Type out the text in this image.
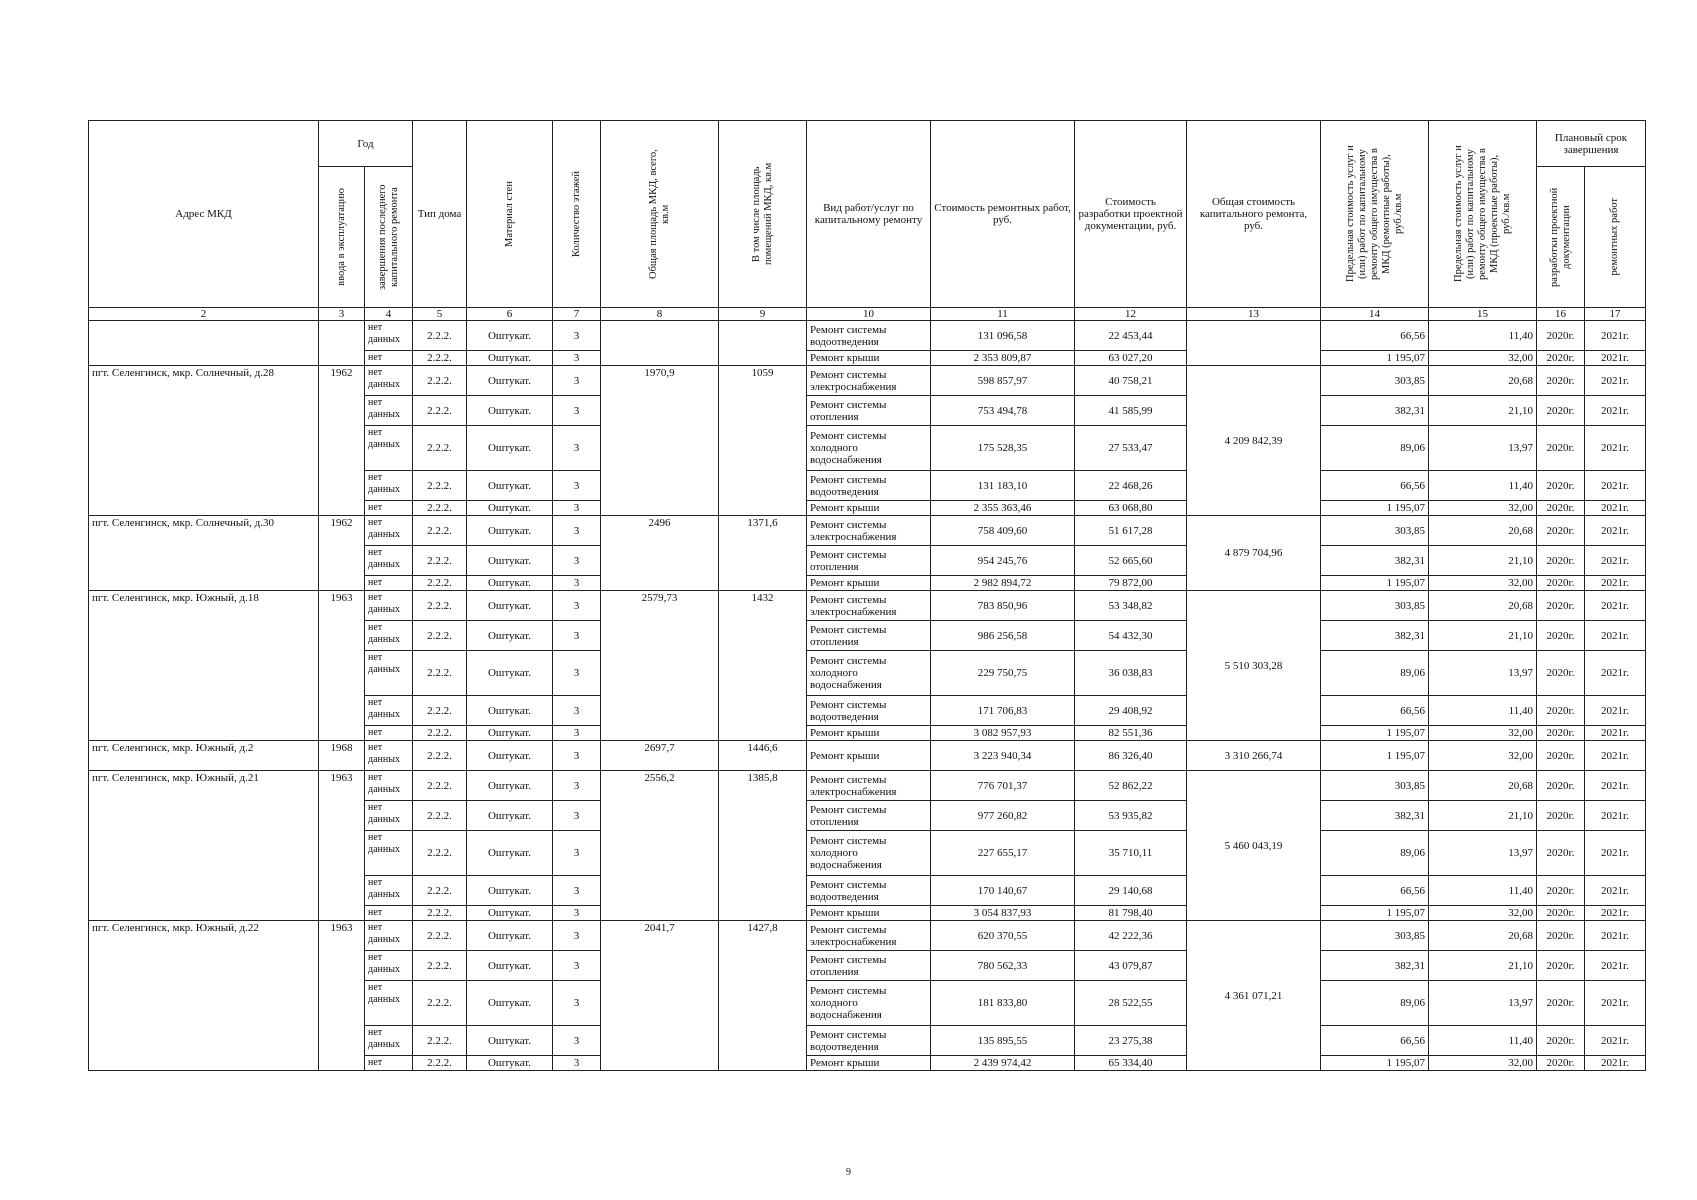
Адрес МКД	Год		Тип дома	Материал стен	Количество этажей	Общая площадь МКД, всего, кв.м	В том числе площадь помещений МКД, кв.м	Вид работ/услуг по капитальному ремонту	Стоимость ремонтных работ, руб.	Стоимость разработки проектной документации, руб.	Общая стоимость капитального ремонта, руб.	Предельная стоимость услуг и (или) работ по капитальному ремонту общего имущества в МКД (ремонтные работы), руб./кв.м	Предельная стоимость услуг и (или) работ по капитальному ремонту общего имущества в МКД (проектные работы), руб./кв.м	Плановый срок завершения	

	ввода в эксплуатацию	завершения последнего капитального ремонта												разработки проектной документации	ремонтных работ

2	3	4	5	6	7	8	9	10	11	12	13	14	15	16	17
		нет данных	2.2.2.	Оштукат.	3			Ремонт системы водоотведения	131 096,58	22 453,44		66,56	11,40	2020г.	2021г.
		нет	2.2.2.	Оштукат.	3			Ремонт крыши	2 353 809,87	63 027,20		1 195,07	32,00	2020г.	2021г.
пгт. Селенгинск, мкр. Солнечный, д.28	1962	нет данных	2.2.2.	Оштукат.	3	1970,9	1059	Ремонт системы электроснабжения	598 857,97	40 758,21	4 209 842,39	303,85	20,68	2020г.	2021г.
		нет данных	2.2.2.	Оштукат.	3			Ремонт системы отопления	753 494,78	41 585,99		382,31	21,10	2020г.	2021г.
		нет данных	2.2.2.	Оштукат.	3			Ремонт системы холодного водоснабжения	175 528,35	27 533,47		89,06	13,97	2020г.	2021г.
		нет данных	2.2.2.	Оштукат.	3			Ремонт системы водоотведения	131 183,10	22 468,26		66,56	11,40	2020г.	2021г.
		нет	2.2.2.	Оштукат.	3			Ремонт крыши	2 355 363,46	63 068,80		1 195,07	32,00	2020г.	2021г.
пгт. Селенгинск, мкр. Солнечный, д.30	1962	нет данных	2.2.2.	Оштукат.	3	2496	1371,6	Ремонт системы электроснабжения	758 409,60	51 617,28	4 879 704,96	303,85	20,68	2020г.	2021г.
		нет данных	2.2.2.	Оштукат.	3			Ремонт системы отопления	954 245,76	52 665,60		382,31	21,10	2020г.	2021г.
		нет	2.2.2.	Оштукат.	3			Ремонт крыши	2 982 894,72	79 872,00		1 195,07	32,00	2020г.	2021г.
пгт. Селенгинск, мкр. Южный, д.18	1963	нет данных	2.2.2.	Оштукат.	3	2579,73	1432	Ремонт системы электроснабжения	783 850,96	53 348,82	5 510 303,28	303,85	20,68	2020г.	2021г.
		нет данных	2.2.2.	Оштукат.	3			Ремонт системы отопления	986 256,58	54 432,30		382,31	21,10	2020г.	2021г.
		нет данных	2.2.2.	Оштукат.	3			Ремонт системы холодного водоснабжения	229 750,75	36 038,83		89,06	13,97	2020г.	2021г.
		нет данных	2.2.2.	Оштукат.	3			Ремонт системы водоотведения	171 706,83	29 408,92		66,56	11,40	2020г.	2021г.
		нет	2.2.2.	Оштукат.	3			Ремонт крыши	3 082 957,93	82 551,36		1 195,07	32,00	2020г.	2021г.
пгт. Селенгинск, мкр. Южный, д.2	1968	нет данных	2.2.2.	Оштукат.	3	2697,7	1446,6	Ремонт крыши	3 223 940,34	86 326,40	3 310 266,74	1 195,07	32,00	2020г.	2021г.
пгт. Селенгинск, мкр. Южный, д.21	1963	нет данных	2.2.2.	Оштукат.	3	2556,2	1385,8	Ремонт системы электроснабжения	776 701,37	52 862,22	5 460 043,19	303,85	20,68	2020г.	2021г.
		нет данных	2.2.2.	Оштукат.	3			Ремонт системы отопления	977 260,82	53 935,82		382,31	21,10	2020г.	2021г.
		нет данных	2.2.2.	Оштукат.	3			Ремонт системы холодного водоснабжения	227 655,17	35 710,11		89,06	13,97	2020г.	2021г.
		нет данных	2.2.2.	Оштукат.	3			Ремонт системы водоотведения	170 140,67	29 140,68		66,56	11,40	2020г.	2021г.
		нет	2.2.2.	Оштукат.	3			Ремонт крыши	3 054 837,93	81 798,40		1 195,07	32,00	2020г.	2021г.
пгт. Селенгинск, мкр. Южный, д.22	1963	нет данных	2.2.2.	Оштукат.	3	2041,7	1427,8	Ремонт системы электроснабжения	620 370,55	42 222,36	4 361 071,21	303,85	20,68	2020г.	2021г.
		нет данных	2.2.2.	Оштукат.	3			Ремонт системы отопления	780 562,33	43 079,87		382,31	21,10	2020г.	2021г.
		нет данных	2.2.2.	Оштукат.	3			Ремонт системы холодного водоснабжения	181 833,80	28 522,55		89,06	13,97	2020г.	2021г.
		нет данных	2.2.2.	Оштукат.	3			Ремонт системы водоотведения	135 895,55	23 275,38		66,56	11,40	2020г.	2021г.
		нет	2.2.2.	Оштукат.	3			Ремонт крыши	2 439 974,42	65 334,40		1 195,07	32,00	2020г.	2021г.
9
